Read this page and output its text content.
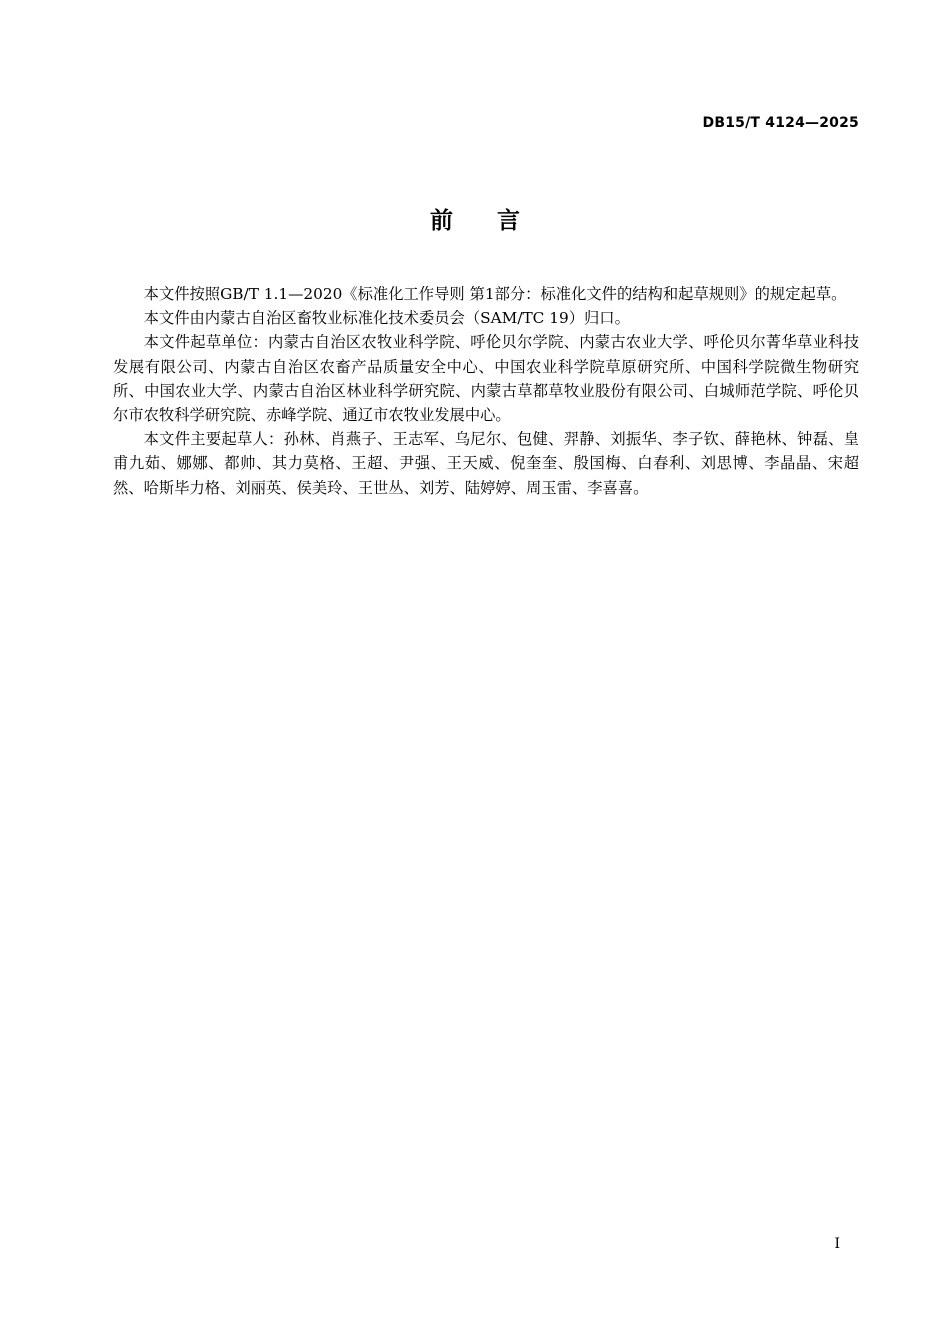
DB15/T 4124—2025
前言

本文件按照GB/T 1.1—2020《标准化工作导则 第1部分：标准化文件的结构和起草规则》的规定起草。

本文件由内蒙古自治区畜牧业标准化技术委员会（SAM/TC 19）归口。

本文件起草单位：内蒙古自治区农牧业科学院、呼伦贝尔学院、内蒙古农业大学、呼伦贝尔菁华草业科技发展有限公司、内蒙古自治区农畜产品质量安全中心、中国农业科学院草原研究所、中国科学院微生物研究所、中国农业大学、内蒙古自治区林业科学研究院、内蒙古草都草牧业股份有限公司、白城师范学院、呼伦贝尔市农牧科学研究院、赤峰学院、通辽市农牧业发展中心。

本文件主要起草人：孙林、肖燕子、王志军、乌尼尔、包健、羿静、刘振华、李子钦、薛艳林、钟磊、皇甫九茹、娜娜、都帅、其力莫格、王超、尹强、王天威、倪奎奎、殷国梅、白春利、刘思博、李晶晶、宋超然、哈斯毕力格、刘丽英、侯美玲、王世丛、刘芳、陆婷婷、周玉雷、李喜喜。

I
